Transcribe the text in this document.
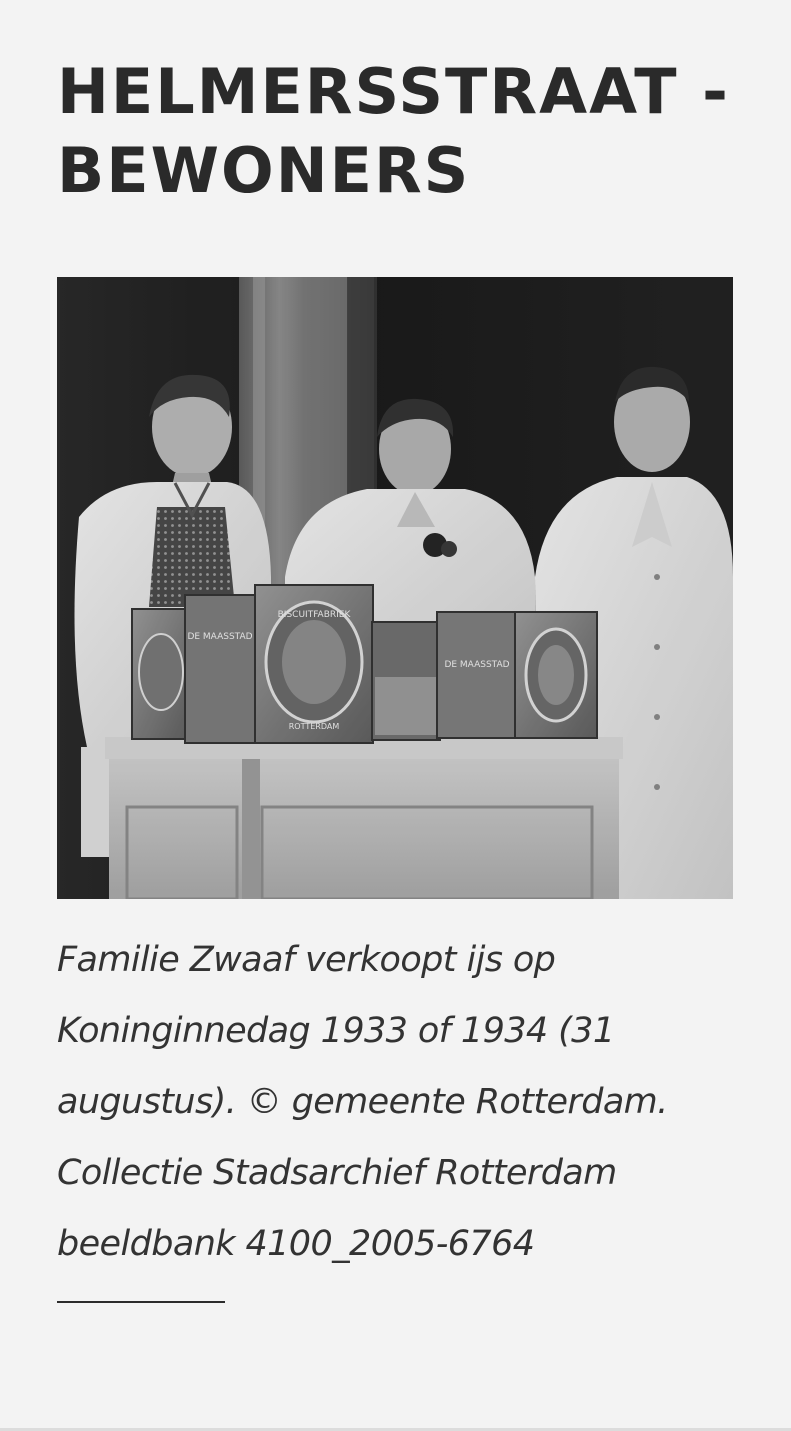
HELMERSSTRAAT -
BEWONERS
DE MAASSTAD
BISCUITFABRIEK
ROTTERDAM
DE MAASSTAD

Familie Zwaaf verkoopt ijs op
Koninginnedag 1933 of 1934 (31
augustus). © gemeente Rotterdam.
Collectie Stadsarchief Rotterdam
beeldbank 4100_2005-6764
